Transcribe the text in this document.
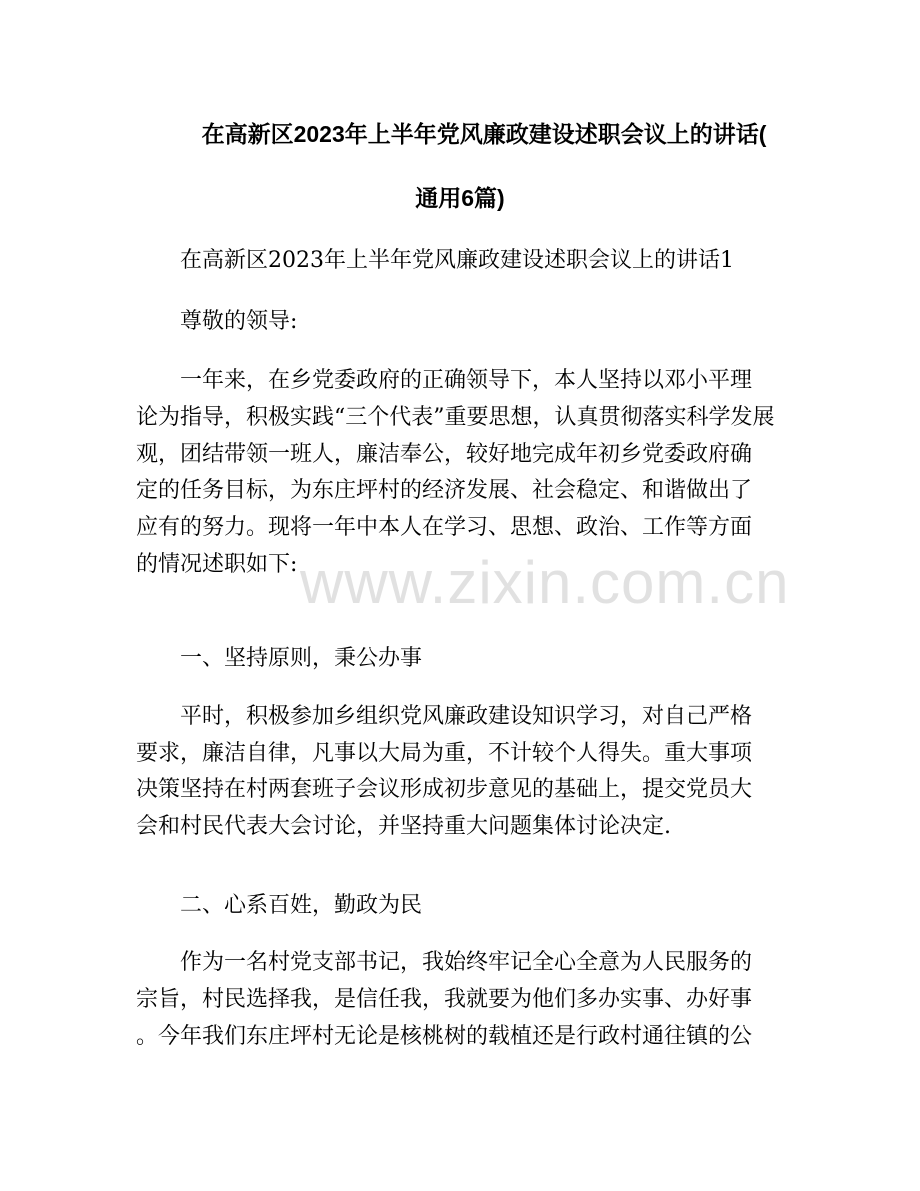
在高新区2023年上半年党风廉政建设述职会议上的讲话(
通用6篇)
www.zixin.com.cn
在高新区2023年上半年党风廉政建设述职会议上的讲话1
尊敬的领导:
一年来，在乡党委政府的正确领导下，本人坚持以邓小平理
论为指导，积极实践“三个代表”重要思想，认真贯彻落实科学发展
观，团结带领一班人，廉洁奉公，较好地完成年初乡党委政府确
定的任务目标，为东庄坪村的经济发展、社会稳定、和谐做出了
应有的努力。现将一年中本人在学习、思想、政治、工作等方面
的情况述职如下:
一、坚持原则，秉公办事
平时，积极参加乡组织党风廉政建设知识学习，对自己严格
要求，廉洁自律，凡事以大局为重，不计较个人得失。重大事项
决策坚持在村两套班子会议形成初步意见的基础上，提交党员大
会和村民代表大会讨论，并坚持重大问题集体讨论决定.
二、心系百姓，勤政为民
作为一名村党支部书记，我始终牢记全心全意为人民服务的
宗旨，村民选择我，是信任我，我就要为他们多办实事、办好事
。今年我们东庄坪村无论是核桃树的载植还是行政村通往镇的公
